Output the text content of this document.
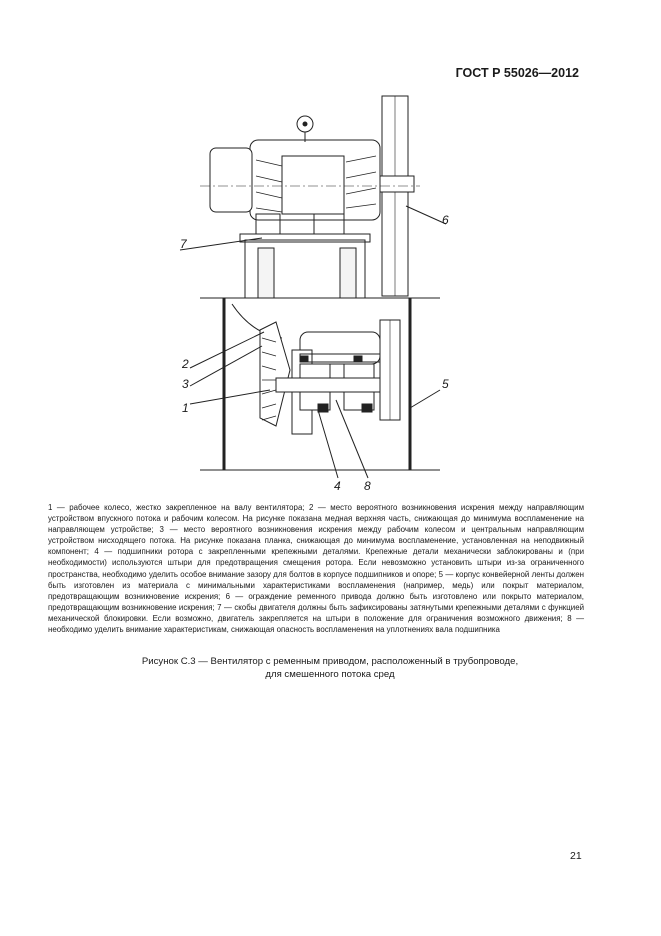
ГОСТ Р 55026—2012
7
6
2
3
1
5
4 8

1 — рабочее колесо, жестко закрепленное на валу вентилятора; 2 — место вероятного возникновения искрения между направляющим устройством впускного потока и рабочим колесом. На рисунке показана медная верхняя часть, снижающая до минимума воспламенение на направляющем устройстве; 3 — место вероятного возникновения искрения между рабочим колесом и центральным направляющим устройством нисходящего потока. На рисунке показана планка, снижающая до минимума воспламенение, установленная на неподвижный компонент; 4 — подшипники ротора с закрепленными крепежными деталями. Крепежные детали механически заблокированы и (при необходимости) используются штыри для предотвращения смещения ротора. Если невозможно установить штыри из-за ограниченного пространства, необходимо уделить особое внимание зазору для болтов в корпусе подшипников и опоре; 5 — корпус конвейерной ленты должен быть изготовлен из материала с минимальными характеристиками воспламенения (например, медь) или покрыт материалом, предотвращающим возникновение искрения; 6 — ограждение ременного привода должно быть изготовлено или покрыто материалом, предотвращающим возникновение искрения; 7 — скобы двигателя должны быть зафиксированы затянутыми крепежными деталями с функцией механической блокировки. Если возможно, двигатель закрепляется на штыри в положение для ограничения возможного движения; 8 — необходимо уделить внимание характеристикам, снижающая опасность воспламенения на уплотнениях вала подшипника

Рисунок С.3 — Вентилятор с ременным приводом, расположенный в трубопроводе,
для смешенного потока сред
21
